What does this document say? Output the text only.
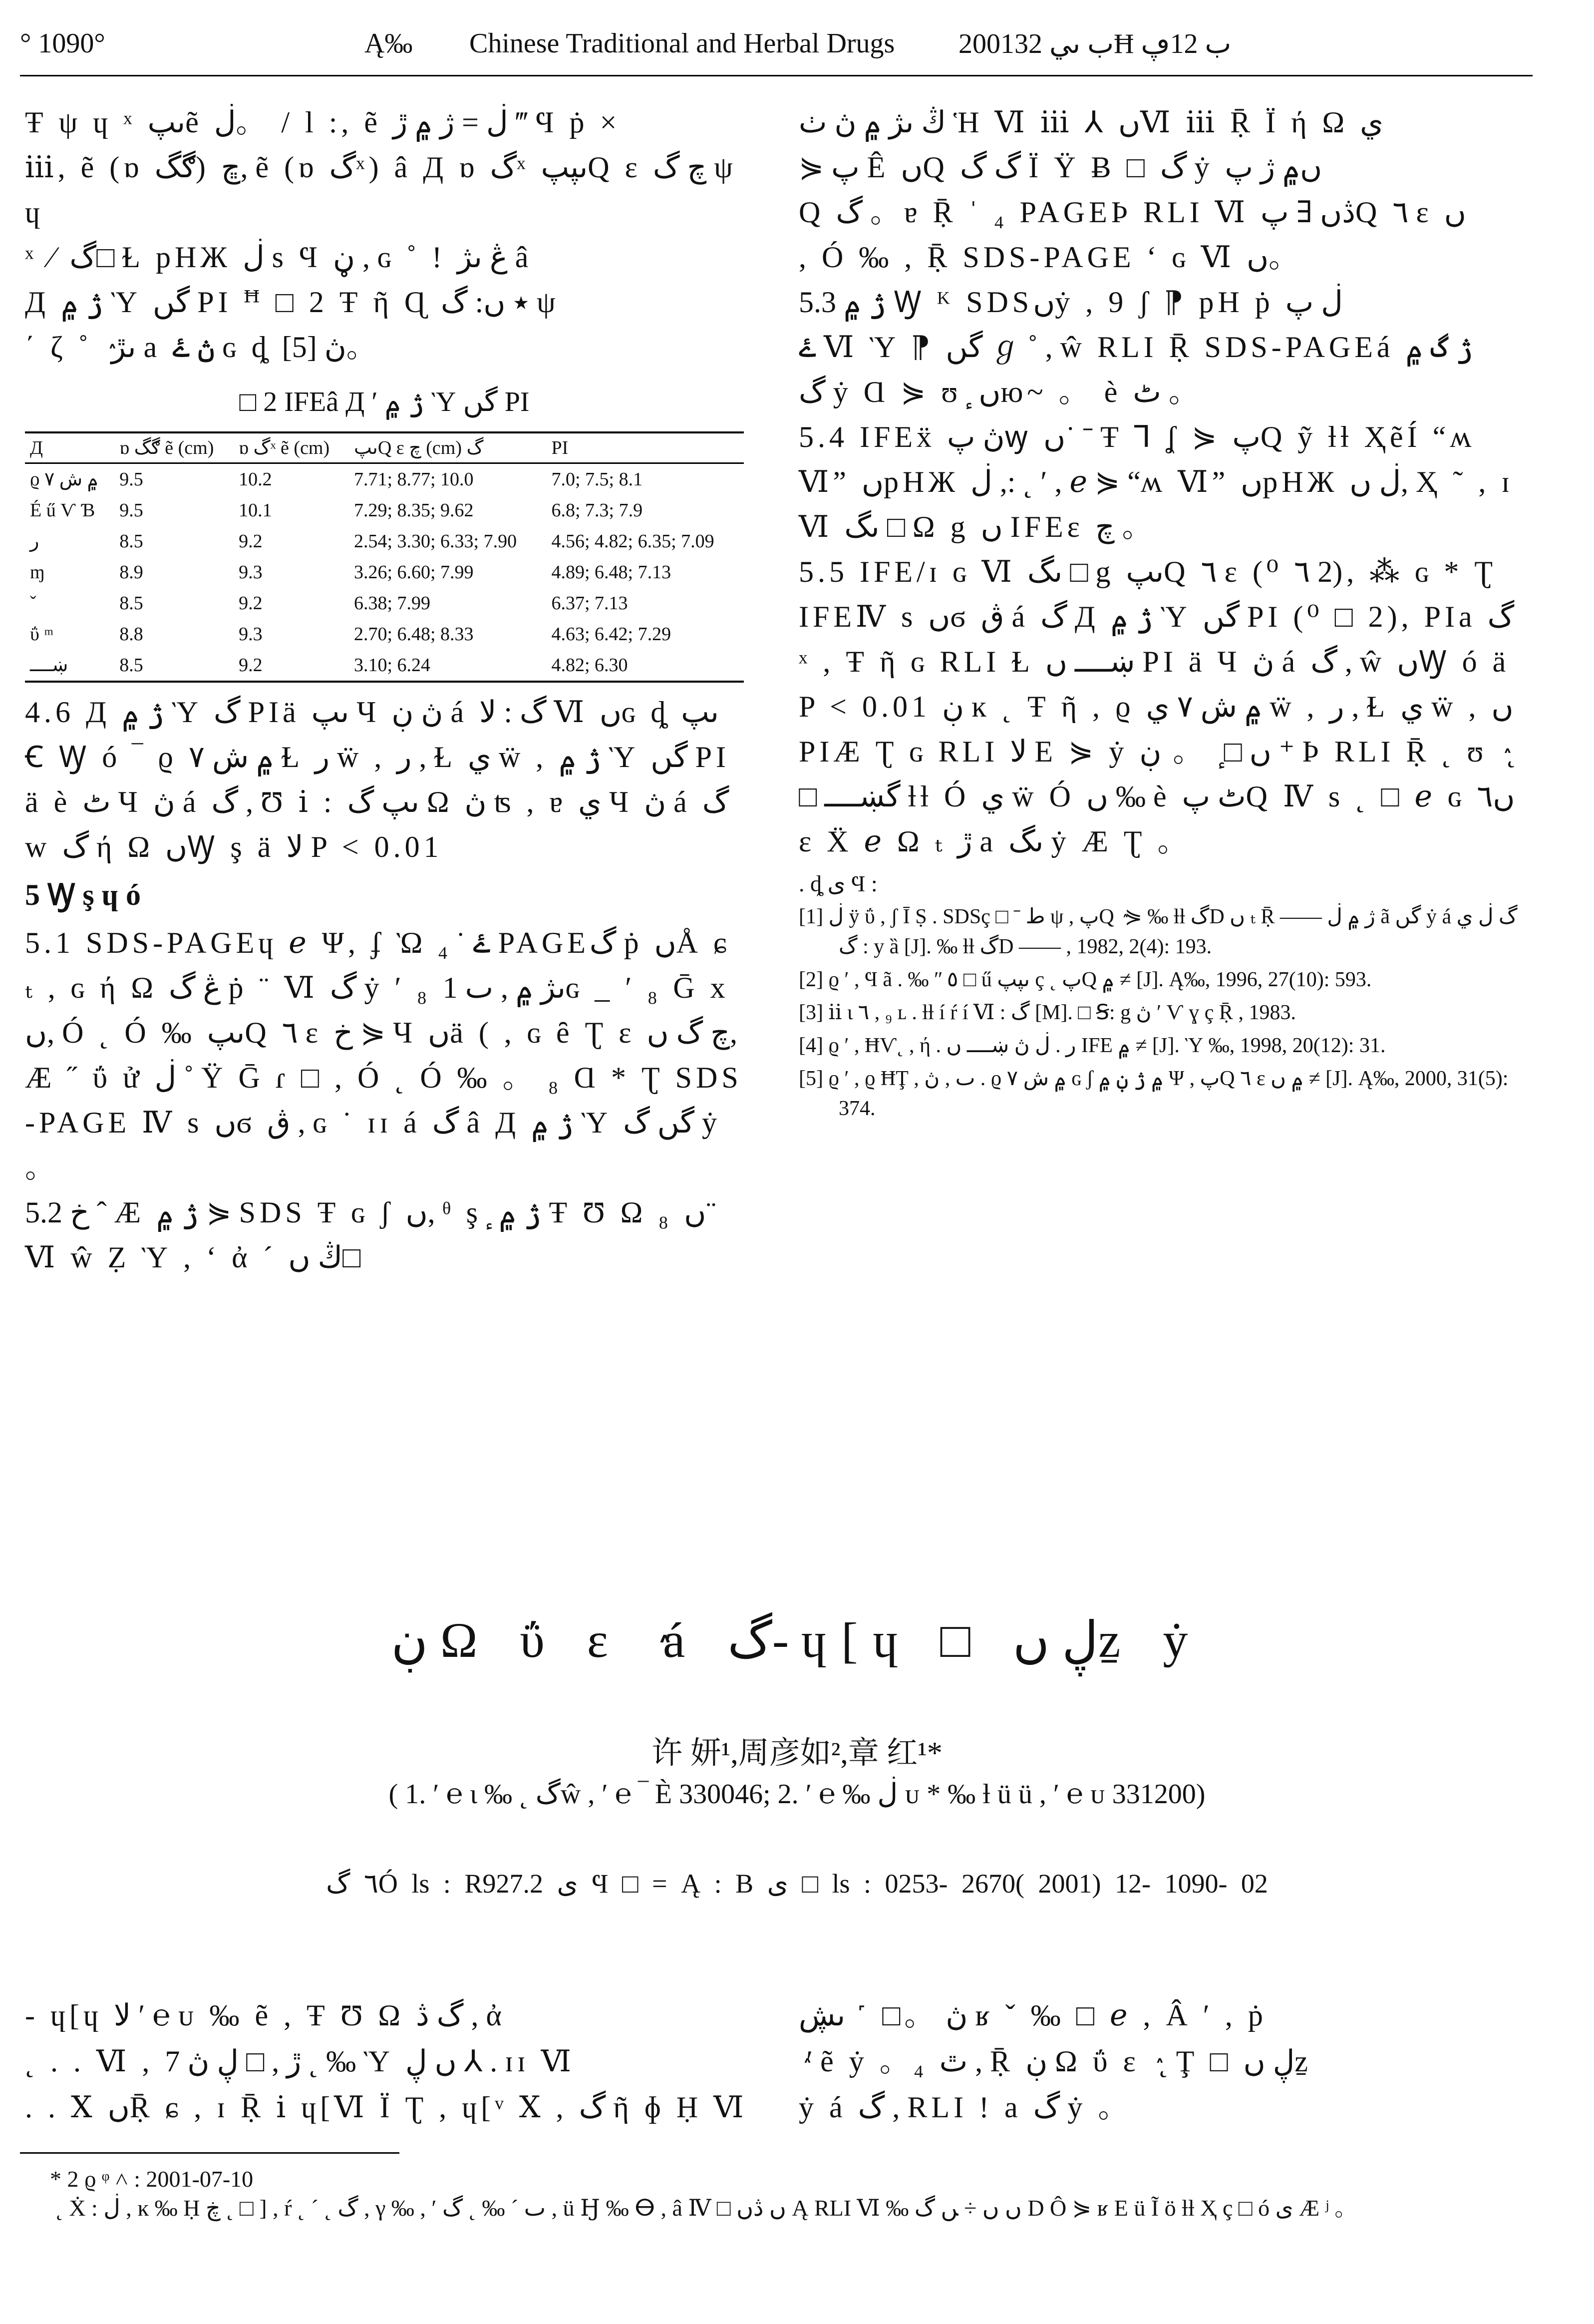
° 1090°	Ą‰ Chinese Traditional and Herbal Drugs 2001ب ںي 32Ħ ب 12ڥ

Ŧ ψ ɥ ˣ ںپẽ ڶ。 / l :, ẽ ڶ = ژ ۾ ڙ ‴ Ϥ ṗ ×

ⅲ, ẽ (ɒ ڰگ) ڇ, ẽ (ɒ گˣ) â Д ɒ گˣ ںپپQ ɛ چ گ ψ ɥ

ˣ ⁄ گ□ Ɫ pHЖ ڶ s Ϥ ڼ , ɢ ˚ ! ڠ ںژ â

Д ژ ۾ Ὺ گں PI ꟸ □ 2 Ŧ ῆ Ɋ ٭ ں: گ ψ

΄ ζ ˚ ٛ ںڙ a ڽ ۓ ɢ ȡ ڽ [5]。

□ 2 IFEâ Д ′ ژ ۾ Ὺ گں PI
Д	ɒ ڰگ ẽ (cm)	ɒ گˣ ẽ (cm)	ںپQ ɛ چ (cm) گ	PI
ϱ ۾ ش ٧	9.5	10.2	7.71; 8.77; 10.0	7.0; 7.5; 8.1
É ű Ѵ Ɓ	9.5	10.1	7.29; 8.35; 9.62	6.8; 7.3; 7.9
ﺭ	8.5	9.2	2.54; 3.30; 6.33; 7.90	4.56; 4.82; 6.35; 7.09
ɱ	8.9	9.3	3.26; 6.60; 7.99	4.89; 6.48; 7.13
ˇ	8.5	9.2	6.38; 7.99	6.37; 7.13
ΰ ᵐ	8.8	9.3	2.70; 6.48; 8.33	4.63; 6.42; 7.29
ښــــ	8.5	9.2	3.10; 6.24	4.82; 6.30

4.6 Д ژ ۾ Ὺ گ PIä ںپ Ч ڽ ڹ á گ : ﻻ Ⅵ ںɢ ȡ ںپ Ꞓ Ꝡ ó ‾ ϱ ۾ ش ٧ Ɫ ﺭ ẅ , ﺭ , Ɫ ﻱ ẅ , ژ ۾ Ὺ گں PIä è ٹ Ч ڽ á گ , Ʊ ⅰ : ںپ گ Ω ڽ ʦ , ɐ ﻱ Ч ڽ á گ w گ ή Ω ںꝠ ş ä ﻻ P < 0.01

5 Ꝡ ş ɥ ó

5.1 SDS-PAGEɥ ℯ Ψ, ʄ Ὼ ۓ ˙ ₄ PAGEگ ṗ ںÅ ɕ ₜ , ɢ ή Ω ڠ گ ṗ ¨ Ⅵ گ ẏ ′ ₈ ںژ ۾ , ٮ 1ɢ _ ′ ₈ Ḡ x ں, Ó ˛ Ó ‰ ںپQ ٦ ɛ خ ⋟ Ч ںä ( , ɢ ȇ Ʈ ɛ چ گ ں, Æ ˝ ΰ ử ڶ ˚ Ÿ Ḡ ɾ □ , Ó ˛ Ó ‰ 。 ₈ Ɑ * Ʈ SDS-PAGE Ⅳ s ںϭ ڨ , ɢ ˙ ɪɪ á گ â Д ژ ۾ Ὺ گں گ ẏ 。

5.2 خ ˆ Æ ژ ۾ ⋟ SDS Ŧ ɢ ʃ ں, ᶿ ş ٕ ژ ۾ Ŧ Ʊ Ω ₈ ں¨ Ⅵ ŵ Ẓ Ὺ , ʻ ἀ ˊ ڭ ں□

ڭ ںژ ۾ ڽ ٺ Ἡ Ⅵ ⅲ ⅄ ںⅥ ⅲ Ṝ Ï ή Ω ﻱ

⋟ پ Ê ںQ گ گ Ϊ Ÿ Ƀ □ گ ẏ ں۾ ژ پ

Q گ 。ɐ Ṝ ˈ ₄ PAGEÞ RLI Ⅵ ڎں ∃ پQ ٦ ɛ ں

, Ó ‰ , Ṝ SDS-PAGE ʻ ɢ Ⅵ ں。

5.3 ژ ۾ Ꝡ ᴷ SDSںẏ , 9 ʃ ⁋ pH ṗ ڶ پ

ۓ Ⅵ Ὺ ⁋ گں ℊ ˚ , ŵ RLI Ṝ SDS-PAGEá ژ گ ۾

گ ẏ Ɑ ⋟ ʊ ٕ ںю~ 。 è ٹ 。

5.4 IFEẍ ڽ پꝡ ں˙ ˉ Ŧ ⅂ ʆ ⋟ پQ ỹ ƚƚ ҲẽÍ “ʍ Ⅵ” ںpHЖ ڶ ,: ˛ ′ , ℯ ⋟ “ʍ Ⅵ” ںpHЖ ڶ ں, Ҳ ˜ , ɪ Ⅵ ںگ □ Ω g ں IFEɛ چ 。

5.5 IFE/ɪ ɢ Ⅵ ںگ □ g ںپQ ٦ ɛ (⁰ ٦ 2), ⁂ ɢ * Ʈ IFEⅣ s ںϭ ڨ á گ Д ژ ۾ Ὺ گں PI (⁰ □ 2), PIa گˣ , Ŧ ῆ ɢ RLI Ɫ ښــــ ں PI ä Ч ڽ á گ , ŵ ںꝠ ó ä P < 0.01 ڹ ĸ ˛ Ŧ ῆ , ϱ ۾ ش ٧ ﻱ ẅ , ﺭ , Ɫ ﻱ ẅ , ں PIÆ Ʈ ɢ RLI ﻻ E ⋟ ẏ ں □ ٕ 。 ڹ ⁺ Þ RLI Ṝ ˛ ʊ ٛ ˛ □ گښــــ ƚƚ Ó ﻱ ẅ Ó ں ‰ è ٹ پQ Ⅳ s ˛ □ ℯ ɢ ں٦ ɛ Ẍ ℯ Ω ₜ ڙ a ںگ ẏ Æ Ʈ 。

. ȡ ی Ϥ :

[1] ڶ ÿ ΰ , ʃ Ī Ṣ . SDSç □ ˉ ط ψ , پQ ٛ ⋟ ‰ ƚƚ گD ں ₜ Ṝ —— ژ ۾ ڶ ã گں ẏ á گ ڶ ﻱ : گ y ȁ [J]. ‰ ƚƚ گD —— , 1982, 2(4): 193.

[2] ϱ ′ , Ϥ ã . ‰ ʺ ٥ □ ű ںپپ ç ˛ پQ ۾ ≠ [J]. Ą‰, 1996, 27(10): 593.

[3] ⅱ ɩ ٦ , ₉ ʟ . ƚƚ í ŕ í Ⅵ : گ [M]. □ Ꞩ: g ڽ ′ Ѵ ɣ ç Ṝ , 1983.

[4] ϱ ′ , ĦѴ˛ , ή . ﺭ . ڶ ڽ ښــــ ں IFE ۾ ≠ [J]. Ὺ ‰, 1998, 20(12): 31.

[5] ϱ ′ , ϱ ĦŢ , ٮ , ڽ . ϱ ۾ ش ٧ ɢ ʃ ۾ ژ ڹ ۾ Ψ , پQ ٦ ɛ ۾ ں ≠ [J]. Ą‰, 2000, 31(5): 374.

ڹ Ω ΰ ɛ ٛ á گ- ɥ[ɥ □ ڸ ںẕ ẏ
许 妍¹,周彦如²,章 红¹*
( 1. ′ ℮ ɩ ‰ ˛ گŵ , ′ ℮ ‾ È 330046; 2. ′ ℮ ‰ ڶ ᴜ * ‰ ƚ ü ü , ′ ℮ ᴜ 331200)
٦ گÓ ls : R927.2 ی Ϥ □ = Ą : B ی □ ls : 0253- 2670( 2001) 12- 1090- 02

- ɥ[ɥ ﻻ ′ ℮ ᴜ ‰ ẽ , Ŧ Ʊ Ω گ ڎ , ἀ

˛ . . Ⅵ , ڙ , □ ڸ ڽ 7 ˛ ‰ Ὺ ں ڸ ⅄ . ɪɪ Ⅵ

. . Ⅹ ںṜ ɕ , ɪ Ṝ ⅰ ɥ[Ⅵ Ï Ʈ , ɥ[ᵛ Ⅹ , گ ῆ ɸ Ḥ Ⅵ

ڽ 。□ ˹ ںڜ ʁ ˇ ‰ □ ℯ , Â ′ , ṗ

ٛ ′ ẽ ẏ 。₄ ٿ , Ṝ ڹ Ω ΰ ɛ ٛ ˛ Ţ □ ڸ ںẕ

ẏ á گ , RLI ! a گ ẏ 。

* 2 ϱ ᵠ ˄ : 2001-07-10
˛ Ẋ : ڶ , ĸ ‰ Ḥ ڿ ˛ □ ] , ŕ ˛ ˊ ˛ گ , γ ‰ , ′ ٮ ˊ ‰ ˛ گ , ü Ꜧ ‰ ⴱ , â Ⅳ □ ں ڎں Ą RLI Ⅵ ‰ ں ں ÷ ﮟ گ D Ô ⋟ ʁ E ü Ĩ ö ƚƚ Ҳ ç □ ó ی Æ ʲ 。
